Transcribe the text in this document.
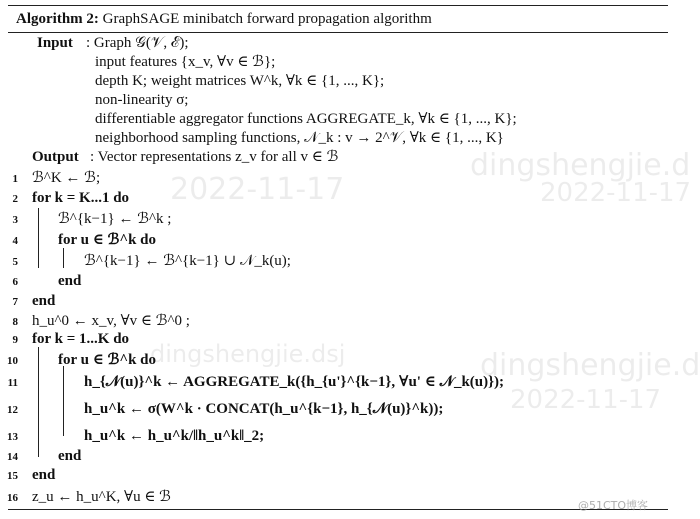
Algorithm 2: GraphSAGE minibatch forward propagation algorithm
Input : Graph 𝒢(𝒱, ℰ);
input features {x_v, ∀v ∈ ℬ};
depth K; weight matrices W^k, ∀k ∈ {1, ..., K};
non-linearity σ;
differentiable aggregator functions AGGREGATE_k, ∀k ∈ {1, ..., K};
neighborhood sampling functions, 𝒩_k : v → 2^𝒱, ∀k ∈ {1, ..., K}
Output : Vector representations z_v for all v ∈ ℬ
1 ℬ^K ← ℬ;
2 for k = K...1 do
3	ℬ^{k−1} ← ℬ^k ;
4	for u ∈ ℬ^k do
5	ℬ^{k−1} ← ℬ^{k−1} ∪ 𝒩_k(u);
6	end
7 end
8 h_u^0 ← x_v, ∀v ∈ ℬ^0 ;
9 for k = 1...K do
10	for u ∈ ℬ^k do
11	h_{𝒩(u)}^k ← AGGREGATE_k({h_{u'}^{k−1}, ∀u' ∈ 𝒩_k(u)});
12	h_u^k ← σ(W^k · CONCAT(h_u^{k−1}, h_{𝒩(u)}^k));
13	h_u^k ← h_u^k/‖h_u^k‖_2;
14	end
15 end
16 z_u ← h_u^K, ∀u ∈ ℬ
dingshengjie.d
2022-11-17	2022-11-17
dingshengjie.dsj	dingshengjie.d
2022-11-17
@51CTO博客
